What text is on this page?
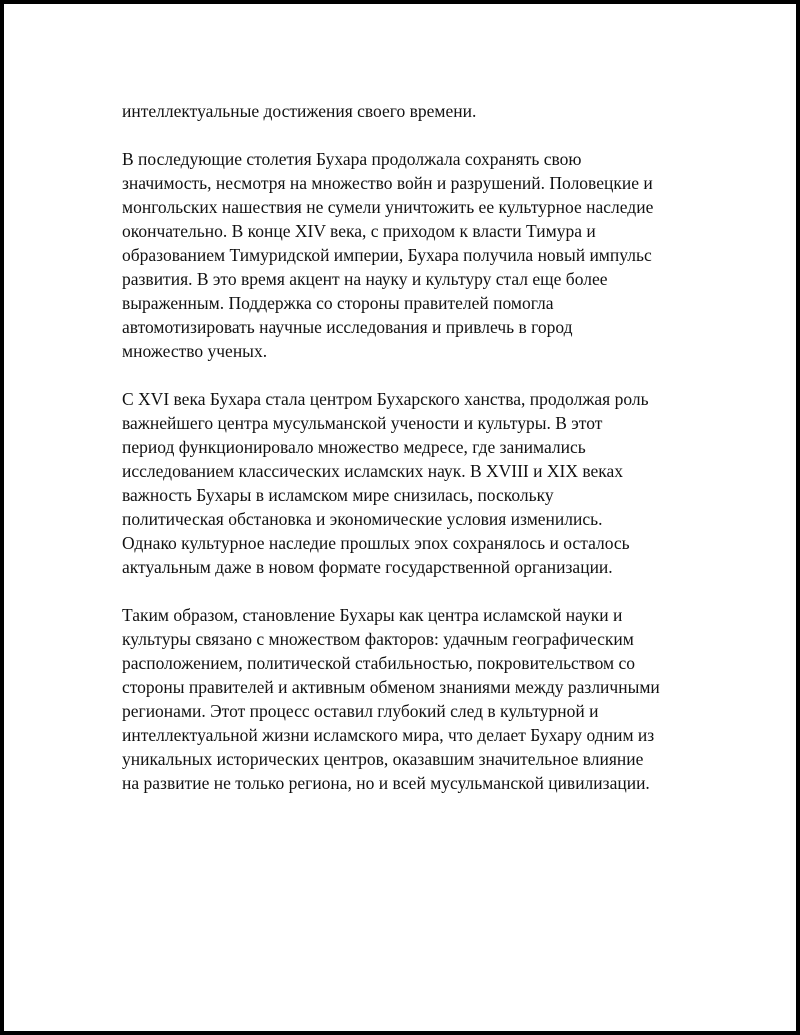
интеллектуальные достижения своего времени.

В последующие столетия Бухара продолжала сохранять свою
значимость, несмотря на множество войн и разрушений. Половецкие и
монгольских нашествия не сумели уничтожить ее культурное наследие
окончательно. В конце XIV века, с приходом к власти Тимура и
образованием Тимуридской империи, Бухара получила новый импульс
развития. В это время акцент на науку и культуру стал еще более
выраженным. Поддержка со стороны правителей помогла
автомотизировать научные исследования и привлечь в город
множество ученых.

С XVI века Бухара стала центром Бухарского ханства, продолжая роль
важнейшего центра мусульманской учености и культуры. В этот
период функционировало множество медресе, где занимались
исследованием классических исламских наук. В XVIII и XIX веках
важность Бухары в исламском мире снизилась, поскольку
политическая обстановка и экономические условия изменились.
Однако культурное наследие прошлых эпох сохранялось и осталось
актуальным даже в новом формате государственной организации.

Таким образом, становление Бухары как центра исламской науки и
культуры связано с множеством факторов: удачным географическим
расположением, политической стабильностью, покровительством со
стороны правителей и активным обменом знаниями между различными
регионами. Этот процесс оставил глубокий след в культурной и
интеллектуальной жизни исламского мира, что делает Бухару одним из
уникальных исторических центров, оказавшим значительное влияние
на развитие не только региона, но и всей мусульманской цивилизации.
